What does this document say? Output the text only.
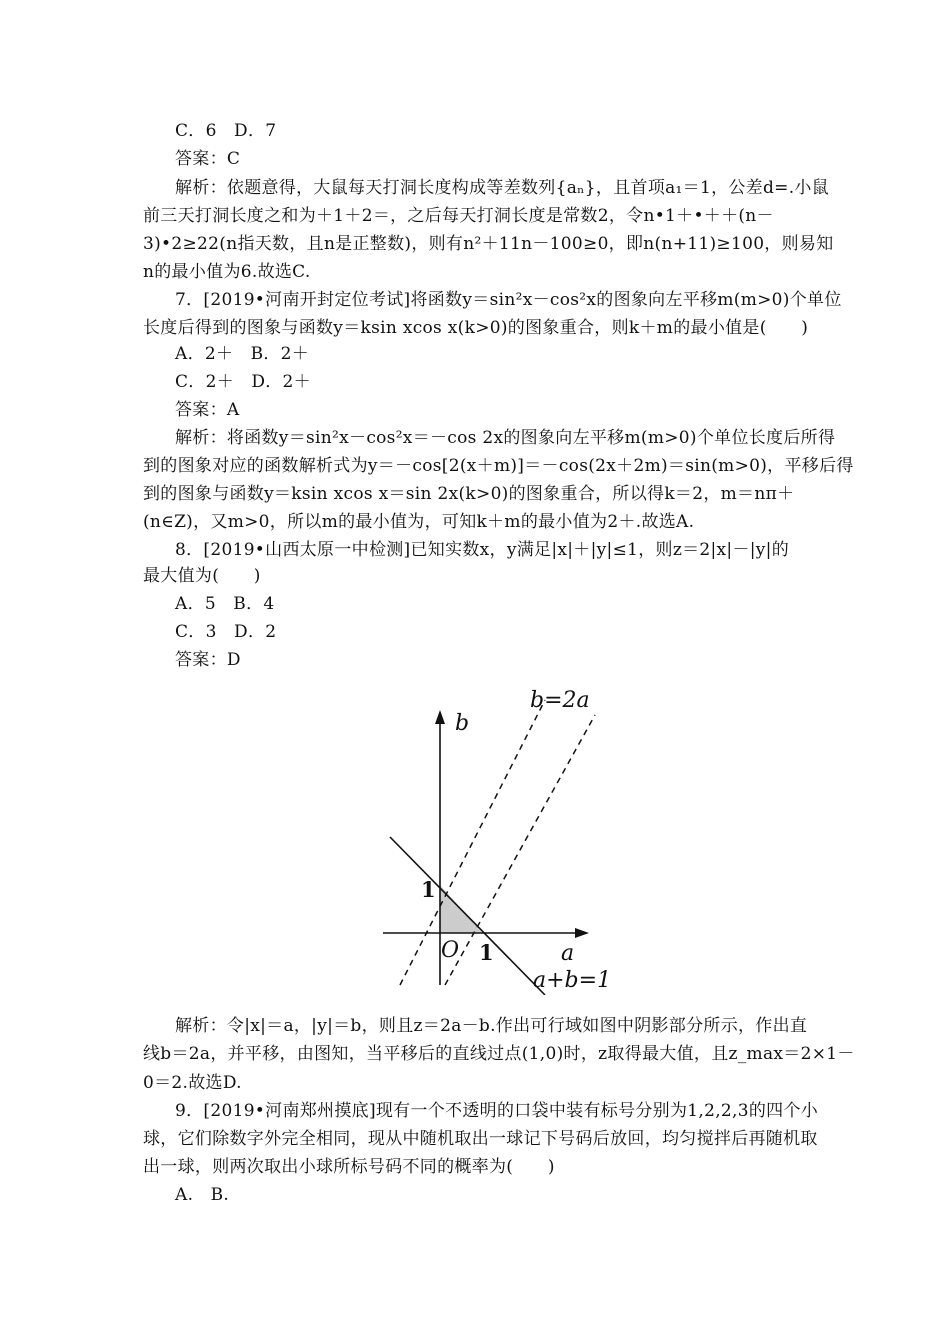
C．6　D．7
答案：C
解析：依题意得，大鼠每天打洞长度构成等差数列{aₙ}，且首项a₁＝1，公差d=.小鼠
前三天打洞长度之和为＋1＋2＝，之后每天打洞长度是常数2，令n•1＋•＋＋(n－
3)•2≥22(n指天数，且n是正整数)，则有n²＋11n－100≥0，即n(n+11)≥100，则易知
n的最小值为6.故选C.
7．[2019•河南开封定位考试]将函数y＝sin²x－cos²x的图象向左平移m(m>0)个单位
长度后得到的图象与函数y＝ksin xcos x(k>0)的图象重合，则k＋m的最小值是(　　)
A．2＋　B．2＋
C．2＋　D．2＋
答案：A
解析：将函数y＝sin²x－cos²x＝－cos 2x的图象向左平移m(m>0)个单位长度后所得
到的图象对应的函数解析式为y＝－cos[2(x＋m)]＝－cos(2x＋2m)＝sin(m>0)，平移后得
到的图象与函数y＝ksin xcos x＝sin 2x(k>0)的图象重合，所以得k＝2，m＝nπ＋
(n∈Z)，又m>0，所以m的最小值为，可知k＋m的最小值为2＋.故选A.
8．[2019•山西太原一中检测]已知实数x，y满足|x|＋|y|≤1，则z＝2|x|－|y|的
最大值为(　　)
A．5　B．4
C．3　D．2
答案：D
b
a
O
1
1
b=2a
a+b=1
解析：令|x|＝a，|y|＝b，则且z＝2a－b.作出可行域如图中阴影部分所示，作出直
线b＝2a，并平移，由图知，当平移后的直线过点(1,0)时，z取得最大值，且z_max＝2×1－
0＝2.故选D.
9．[2019•河南郑州摸底]现有一个不透明的口袋中装有标号分别为1,2,2,3的四个小
球，它们除数字外完全相同，现从中随机取出一球记下号码后放回，均匀搅拌后再随机取
出一球，则两次取出小球所标号码不同的概率为(　　)
A.　B.
